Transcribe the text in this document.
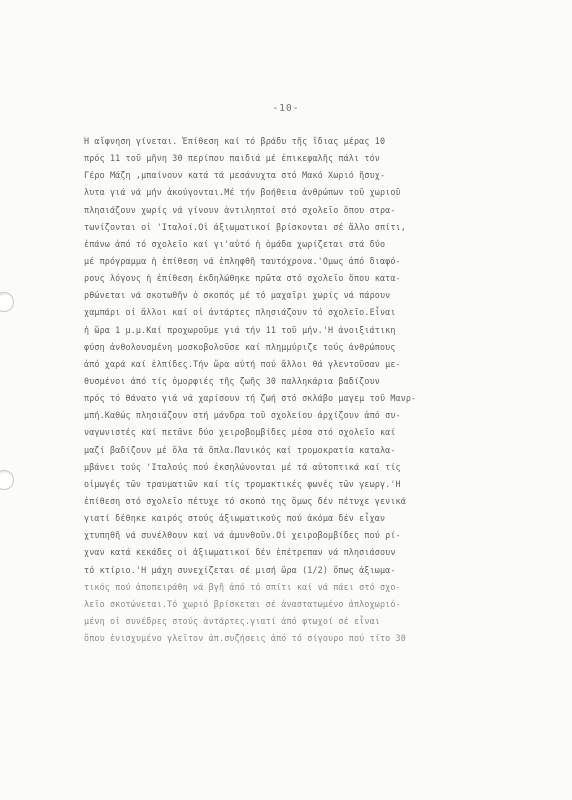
-10-

Ἡ αἴφνηση γίνεται. Ἐπίθεση καί τό βράδυ τῆς ἴδιας μέρας 10
πρός 11 τοῦ μῆνη 30 περίπου παιδιά μέ ἐπικεφαλῆς πάλι τόν
Γέρο Μάζη ,μπαίνουν κατά τά μεσάνυχτα στό Μακό Χωριό ἤσυχ-
λυτα γιά νά μήν ἀκούγονται.Μέ τήν βοήθεια ἀνθρώπων τοῦ χωριοῦ
πλησιάζουν χωρίς νά γίνουν ἀντιληπτοί στό σχολεῖο ὅπου στρα-
τωνίζονται οἱ 'Ιταλοί.Οἱ ἀξιωματικοί βρίσκονται σέ ἄλλο σπίτι,
ἐπάνω ἀπό τό σχολεῖο καί γι'αὐτό ἡ ὁμάδα χωρίζεται στά δύο
μέ πρόγραμμα ἡ ἐπίθεση νά ἐπληφθῆ ταυτόχρονα.'Ομως ἀπό διαφό-
ρους λόγους ἡ ἐπίθεση ἐκδηλώθηκε πρῶτα στό σχολεῖο ὅπου κατα-
ρθώνεται νά σκοτωθῆν ὁ σκοπός μέ τό μαχαῖρι χωρίς νά πάρουν
χαμπάρι οἱ ἄλλοι καί οἱ ἀντάρτες πλησιάζουν τό σχολεῖο.Εἶναι
ἡ ὥρα 1 μ.μ.Καί προχωροῦμε γιά τήν 11 τοῦ μήν.'Η ἀνοιξιάτικη
φύση ἀνθολουσμένη μοσκοβολοῦσε καί πλημμύριζε τούς ἀνθρώπους
ἀπό χαρά καί ἐλπίδες.Τήν ὥρα αὐτή πού ἄλλοι θά γλεντοῦσαν με-
θυσμένοι ἀπό τίς ὀμορφιές τῆς ζωῆς 30 παλληκάρια βαδίζουν
πρός τό θάνατο γιά νά χαρίσουν τή ζωή στό σκλάβο μαγεμ τοῦ Μανρ-
μπή.Καθώς πλησιάζουν στή μάνδρα τοῦ σχολείου ἀρχίζουν ἀπό συ-
ναγωνιστές καί πετᾶνε δύο χειροβομβίδες μέσα στό σχολεῖο καί
μαζί βαδίζουν μέ ὅλα τά ὅπλα.Πανικός καί τρομοκρατία καταλα-
μβάνει τούς 'Ιταλούς πού ἐκσηλώνονται μέ τά αὐτοπτικά καί τίς
οἰμωγές τῶν τραυματιῶν καί τίς τρομακτικές φωνές τῶν γεωργ.'Η
ἐπίθεση στό σχολεῖο πέτυχε τό σκοπό της ὅμως δέν πέτυχε γενικά
γιατί δέθηκε καιρός στούς ἀξιωματικούς πού ἀκόμα δέν εἶχαν
χτυπηθῆ νά συνέλθουν καί νά ἀμυνθοῦν.Οἱ χειροβομβίδες πού ρί-
χναν κατά κεκάδες οἱ ἀξιωματικοί δέν ἐπέτρεπαν νά πλησιάσουν
τό κτίριο.'Η μάχη συνεχίζεται σέ μισή ὥρα (1/2) ὅπως ἀξιωμα-
τικός πού ἀποπειράθη νά βγῆ ἀπό τό σπίτι καί νά πάει στό σχο-
λεῖο σκοτώνεται.Τό χωριό βρίσκεται σέ ἀναστατωμένο ἁπλοχωριό-
μένη οἱ συνέδρες στούς ἀντάρτες.γιατί ἀπό φτωχοί σέ εἶναι
ὅπου ἐνισχυμένο γλεῖτον ἀπ.συζήσεις ἀπό τό σίγουρο πού τίτο 30
